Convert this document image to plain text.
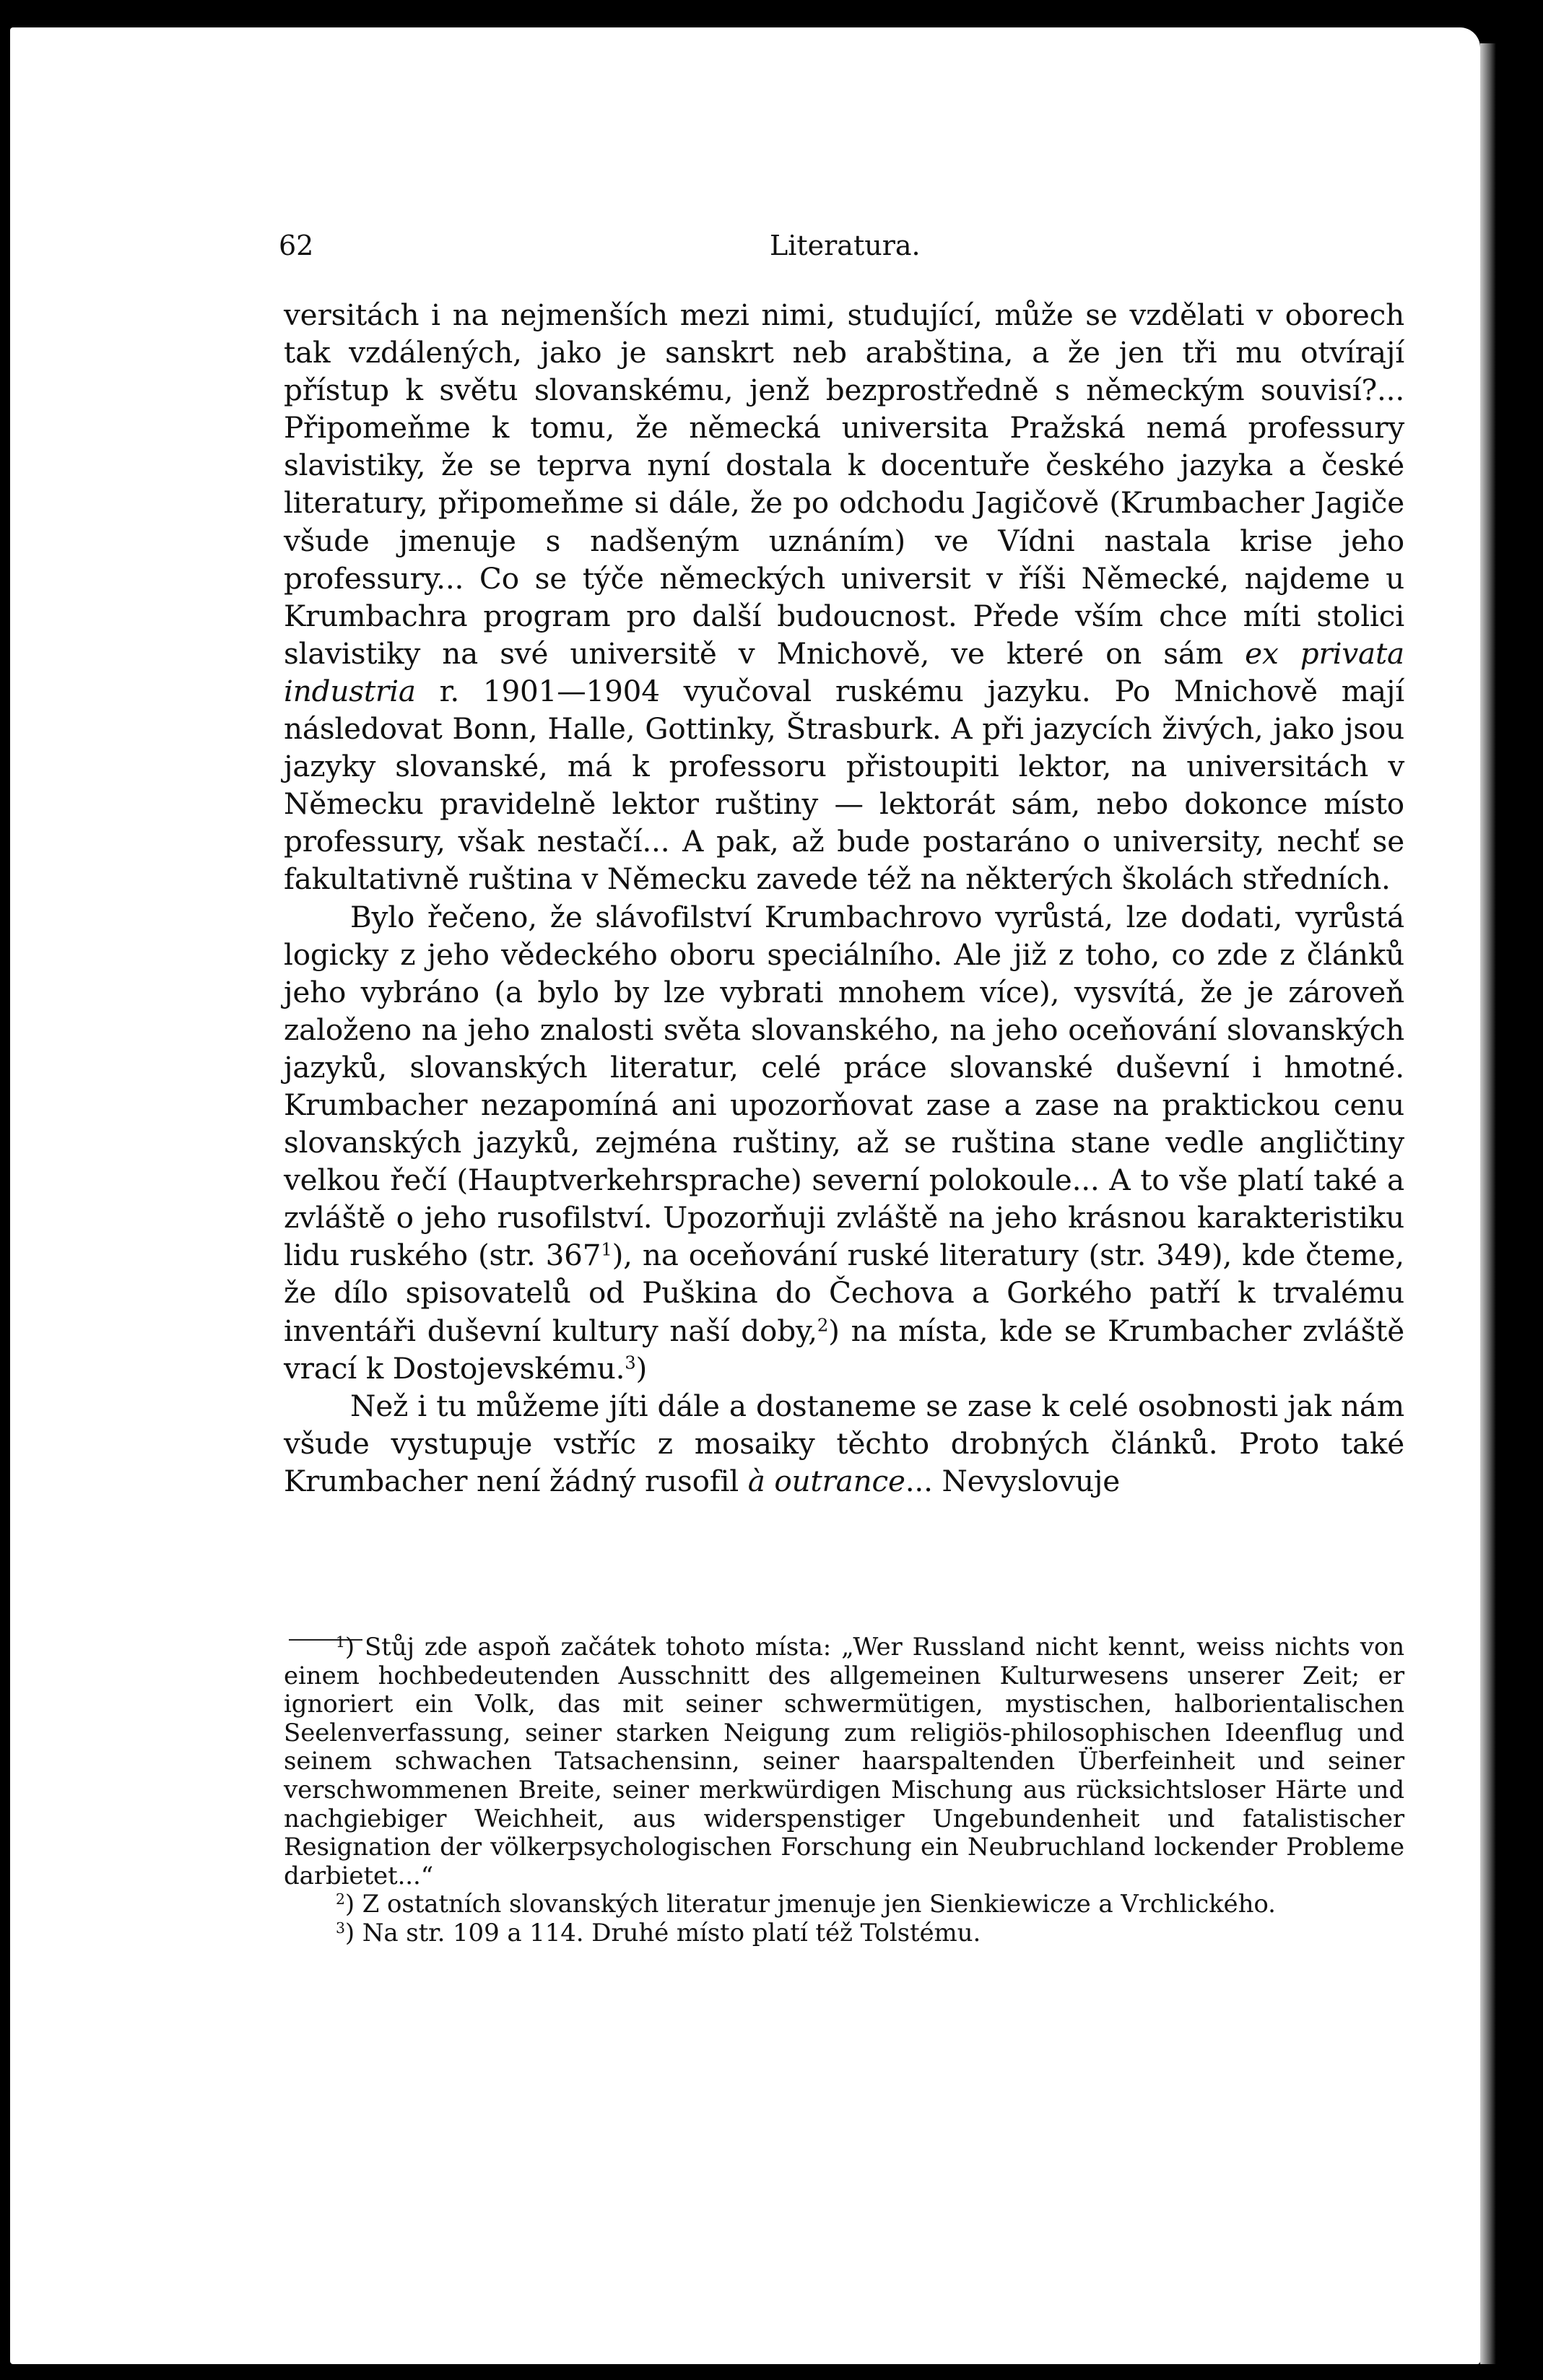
62	Literatura.

versitách i na nejmenších mezi nimi, studující, může se vzdělati v oborech tak vzdálených, jako je sanskrt neb arabština, a že jen tři mu otvírají přístup k světu slovanskému, jenž bezprostředně s německým souvisí?... Připomeňme k tomu, že německá universita Pražská nemá professury slavistiky, že se teprva nyní dostala k docentuře českého jazyka a české literatury, připomeňme si dále, že po odchodu Jagičově (Krumbacher Jagiče všude jmenuje s nadšeným uznáním) ve Vídni nastala krise jeho professury... Co se týče německých universit v říši Německé, najdeme u Krumbachra program pro další budoucnost. Přede vším chce míti stolici slavistiky na své universitě v Mnichově, ve které on sám ex privata industria r. 1901—1904 vyučoval ruskému jazyku. Po Mnichově mají následovat Bonn, Halle, Gottinky, Štrasburk. A při jazycích živých, jako jsou jazyky slovanské, má k professoru přistoupiti lektor, na universitách v Německu pravidelně lektor ruštiny — lektorát sám, nebo dokonce místo professury, však nestačí... A pak, až bude postaráno o university, nechť se fakultativně ruština v Německu zavede též na některých školách středních.

Bylo řečeno, že slávofilství Krumbachrovo vyrůstá, lze dodati, vyrůstá logicky z jeho vědeckého oboru speciálního. Ale již z toho, co zde z článků jeho vybráno (a bylo by lze vybrati mnohem více), vysvítá, že je zároveň založeno na jeho znalosti světa slovanského, na jeho oceňování slovanských jazyků, slovanských literatur, celé práce slovanské duševní i hmotné. Krumbacher nezapomíná ani upozorňovat zase a zase na praktickou cenu slovanských jazyků, zejména ruštiny, až se ruština stane vedle angličtiny velkou řečí (Hauptverkehrsprache) severní polokoule... A to vše platí také a zvláště o jeho rusofilství. Upozorňuji zvláště na jeho krásnou karakteristiku lidu ruského (str. $367^1$), na oceňování ruské literatury (str. 349), kde čteme, že dílo spisovatelů od Puškina do Čechova a Gorkého patří k trvalému inventáři duševní kultury naší doby,$^2$) na místa, kde se Krumbacher zvláště vrací k Dostojevskému.$^3$)

Než i tu můžeme jíti dále a dostaneme se zase k celé osobnosti jak nám všude vystupuje vstříc z mosaiky těchto drobných článků. Proto také Krumbacher není žádný rusofil à outrance... Nevyslovuje

$^1$) Stůj zde aspoň začátek tohoto místa: „Wer Russland nicht kennt, weiss nichts von einem hochbedeutenden Ausschnitt des allgemeinen Kulturwesens unserer Zeit; er ignoriert ein Volk, das mit seiner schwermütigen, mystischen, halborientalischen Seelenverfassung, seiner starken Neigung zum religiös-philosophischen Ideenflug und seinem schwachen Tatsachensinn, seiner haarspaltenden Überfeinheit und seiner verschwommenen Breite, seiner merkwürdigen Mischung aus rücksichtsloser Härte und nachgiebiger Weichheit, aus widerspenstiger Ungebundenheit und fatalistischer Resignation der völkerpsychologischen Forschung ein Neubruchland lockender Probleme darbietet...“

$^2$) Z ostatních slovanských literatur jmenuje jen Sienkiewicze a Vrchlického.

$^3$) Na str. 109 a 114. Druhé místo platí též Tolstému.
